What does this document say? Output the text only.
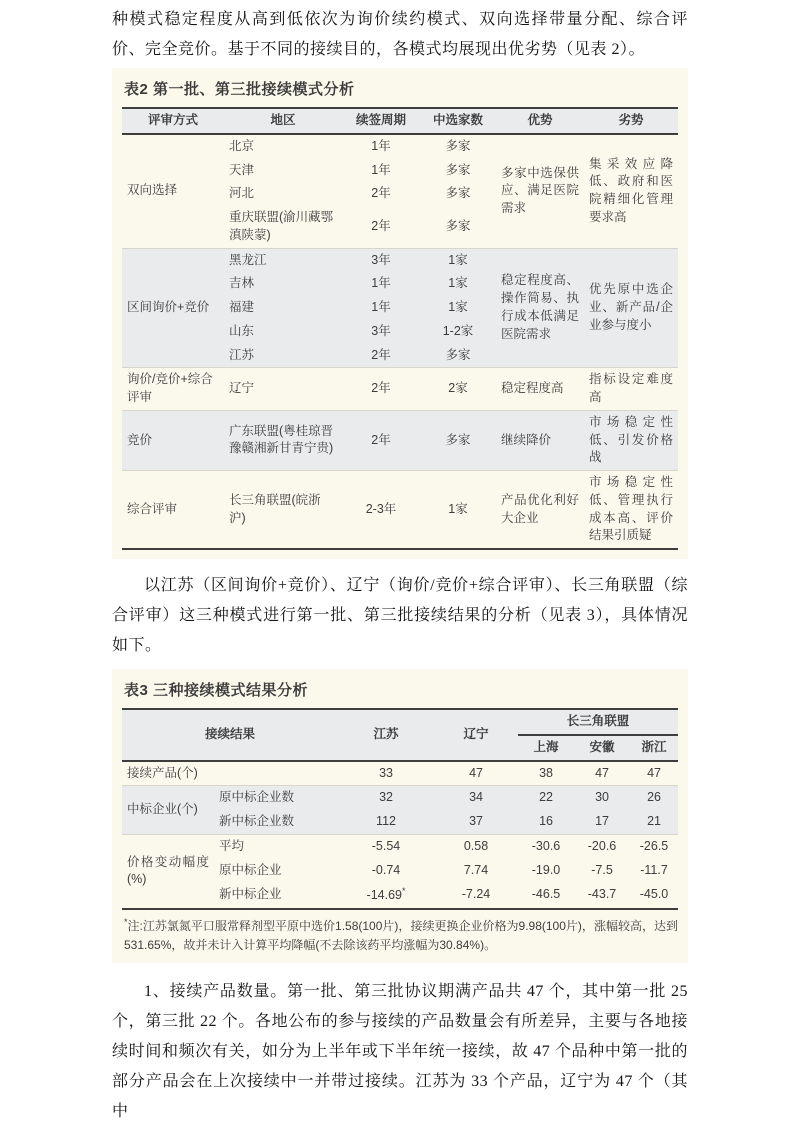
种模式稳定程度从高到低依次为询价续约模式、双向选择带量分配、综合评价、完全竞价。基于不同的接续目的，各模式均展现出优劣势（见表 2）。

表2 第一批、第三批接续模式分析
评审方式	地区	续签周期	中选家数	优势	劣势
双向选择	北京	1年	多家	多家中选保供应、满足医院需求	集采效应降低、政府和医院精细化管理要求高
	天津	1年	多家		
	河北	2年	多家		
	重庆联盟(渝川藏鄂滇陕蒙)	2年	多家		
区间询价+竞价	黑龙江	3年	1家	稳定程度高、操作简易、执行成本低满足医院需求	优先原中选企业、新产品/企业参与度小
	吉林	1年	1家		
	福建	1年	1家		
	山东	3年	1-2家		
	江苏	2年	多家		
询价/竞价+综合评审	辽宁	2年	2家	稳定程度高	指标设定难度高
竞价	广东联盟(粤桂琼晋豫赣湘新甘青宁贵)	2年	多家	继续降价	市场稳定性低、引发价格战
综合评审	长三角联盟(皖浙沪)	2-3年	1家	产品优化利好大企业	市场稳定性低、管理执行成本高、评价结果引质疑

以江苏（区间询价+竞价）、辽宁（询价/竞价+综合评审）、长三角联盟（综合评审）这三种模式进行第一批、第三批接续结果的分析（见表 3），具体情况如下。

表3 三种接续模式结果分析
接续结果		江苏	辽宁	长三角联盟		
				上海	安徽	浙江
接续产品(个)		33	47	38	47	47
中标企业(个)	原中标企业数	32	34	22	30	26
	新中标企业数	112	37	16	17	21
价格变动幅度(%)	平均	-5.54	0.58	-30.6	-20.6	-26.5
	原中标企业	-0.74	7.74	-19.0	-7.5	-11.7
	新中标企业	-14.69*	-7.24	-46.5	-43.7	-45.0
*注:江苏氯氮平口服常释剂型平原中选价1.58(100片)，接续更换企业价格为9.98(100片)，涨幅较高，达到531.65%，故并未计入计算平均降幅(不去除该药平均涨幅为30.84%)。

1、接续产品数量。第一批、第三批协议期满产品共 47 个，其中第一批 25 个，第三批 22 个。各地公布的参与接续的产品数量会有所差异，主要与各地接续时间和频次有关，如分为上半年或下半年统一接续，故 47 个品种中第一批的部分产品会在上次接续中一并带过接续。江苏为 33 个产品，辽宁为 47 个（其中
